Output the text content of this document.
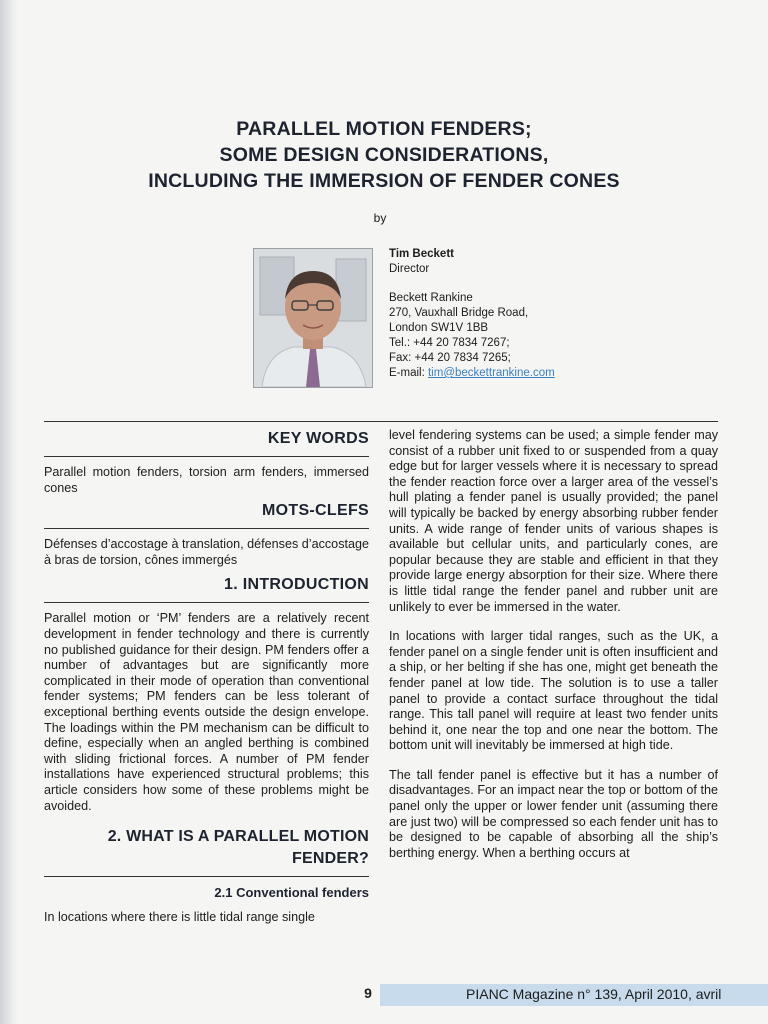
PARALLEL MOTION FENDERS;
SOME DESIGN CONSIDERATIONS,
INCLUDING THE IMMERSION OF FENDER CONES
by
Tim Beckett
Director
Beckett Rankine
270, Vauxhall Bridge Road,
London SW1V 1BB
Tel.: +44 20 7834 7267;
Fax: +44 20 7834 7265;
E-mail: tim@beckettrankine.com
KEY WORDS

Parallel motion fenders, torsion arm fenders, immersed cones

MOTS-CLEFS

Défenses d’accostage à translation, défenses d’accostage à bras de torsion, cônes immergés

1. INTRODUCTION

Parallel motion or ‘PM’ fenders are a relatively recent development in fender technology and there is currently no published guidance for their design. PM fenders offer a number of advantages but are significantly more complicated in their mode of operation than conventional fender systems; PM fenders can be less tolerant of exceptional berthing events outside the design envelope. The loadings within the PM mechanism can be difficult to define, especially when an angled berthing is combined with sliding frictional forces. A number of PM fender installations have experienced structural problems; this article considers how some of these problems might be avoided.

2. WHAT IS A PARALLEL MOTION
FENDER?
2.1 Conventional fenders

In locations where there is little tidal range single

level fendering systems can be used; a simple fender may consist of a rubber unit fixed to or suspended from a quay edge but for larger vessels where it is necessary to spread the fender reaction force over a larger area of the vessel’s hull plating a fender panel is usually provided; the panel will typically be backed by energy absorbing rubber fender units. A wide range of fender units of various shapes is available but cellular units, and particularly cones, are popular because they are stable and efficient in that they provide large energy absorption for their size. Where there is little tidal range the fender panel and rubber unit are unlikely to ever be immersed in the water.

In locations with larger tidal ranges, such as the UK, a fender panel on a single fender unit is often insufficient and a ship, or her belting if she has one, might get beneath the fender panel at low tide. The solution is to use a taller panel to provide a contact surface throughout the tidal range. This tall panel will require at least two fender units behind it, one near the top and one near the bottom. The bottom unit will inevitably be immersed at high tide.

The tall fender panel is effective but it has a number of disadvantages. For an impact near the top or bottom of the panel only the upper or lower fender unit (assuming there are just two) will be compressed so each fender unit has to be designed to be capable of absorbing all the ship’s berthing energy. When a berthing occurs at

9	PIANC Magazine n° 139, April 2010, avril
